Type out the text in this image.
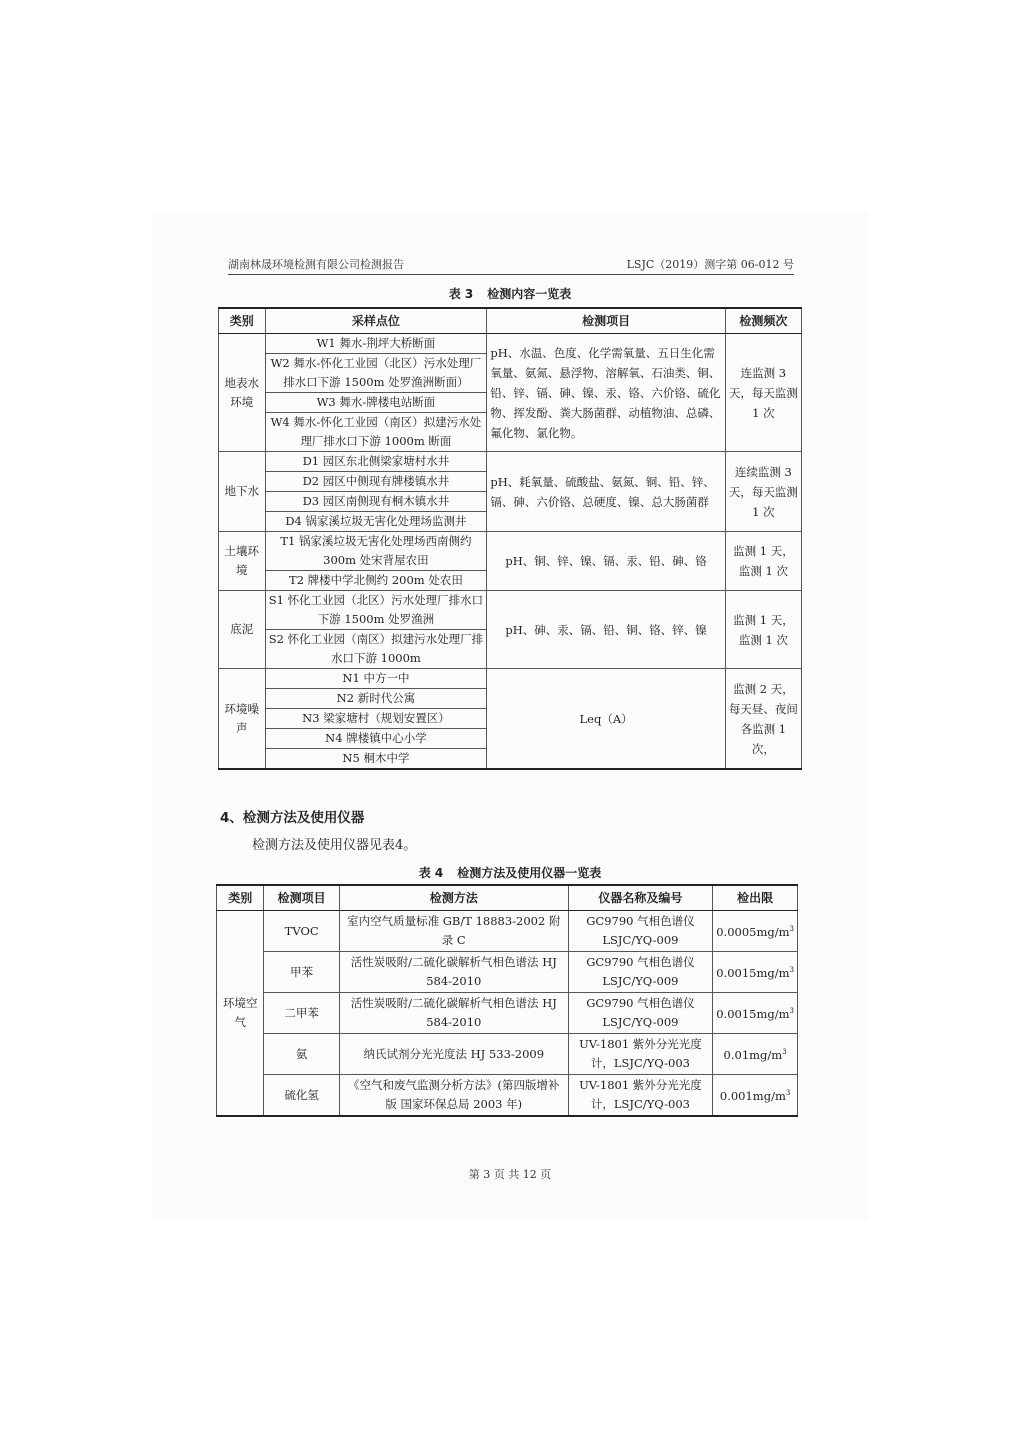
湖南林晟环境检测有限公司检测报告	LSJC（2019）测字第 06-012 号
表 3 检测内容一览表
类别	采样点位	检测项目	检测频次
地表水环境	W1 舞水-荆坪大桥断面	pH、水温、色度、化学需氧量、五日生化需氧量、氨氮、悬浮物、溶解氧、石油类、铜、铅、锌、镉、砷、镍、汞、铬、六价铬、硫化物、挥发酚、粪大肠菌群、动植物油、总磷、氟化物、氯化物。	连监测 3 天，每天监测 1 次
	W2 舞水-怀化工业园（北区）污水处理厂排水口下游 1500m 处罗渔洲断面）		
	W3 舞水-牌楼电站断面		
	W4 舞水-怀化工业园（南区）拟建污水处理厂排水口下游 1000m 断面		
地下水	D1 园区东北侧梁家塘村水井	pH、耗氧量、硫酸盐、氨氮、铜、铅、锌、镉、砷、六价铬、总硬度、镍、总大肠菌群	连续监测 3 天，每天监测 1 次
	D2 园区中侧现有牌楼镇水井		
	D3 园区南侧现有桐木镇水井		
	D4 锅家溪垃圾无害化处理场监测井		
土壤环境	T1 锅家溪垃圾无害化处理场西南侧约 300m 处宋背屋农田	pH、铜、锌、镍、镉、汞、铅、砷、铬	监测 1 天，监测 1 次
	T2 牌楼中学北侧约 200m 处农田		
底泥	S1 怀化工业园（北区）污水处理厂排水口下游 1500m 处罗渔洲	pH、砷、汞、镉、铅、铜、铬、锌、镍	监测 1 天，监测 1 次
	S2 怀化工业园（南区）拟建污水处理厂排水口下游 1000m		
环境噪声	N1 中方一中	Leq（A）	监测 2 天，每天昼、夜间各监测 1 次，
	N2 新时代公寓		
	N3 梁家塘村（规划安置区）		
	N4 牌楼镇中心小学		
	N5 桐木中学		
4、检测方法及使用仪器
检测方法及使用仪器见表4。
表 4 检测方法及使用仪器一览表
类别	检测项目	检测方法	仪器名称及编号	检出限
环境空气	TVOC	室内空气质量标准 GB/T 18883-2002 附录 C	GC9790 气相色谱仪 LSJC/YQ-009	$0.0005mg/m^3$
	甲苯	活性炭吸附/二硫化碳解析气相色谱法 HJ 584-2010	GC9790 气相色谱仪 LSJC/YQ-009	$0.0015mg/m^3$
	二甲苯	活性炭吸附/二硫化碳解析气相色谱法 HJ 584-2010	GC9790 气相色谱仪 LSJC/YQ-009	$0.0015mg/m^3$
	氨	纳氏试剂分光光度法 HJ 533-2009	UV-1801 紫外分光光度计，LSJC/YQ-003	$0.01mg/m^3$
	硫化氢	《空气和废气监测分析方法》(第四版增补版 国家环保总局 2003 年)	UV-1801 紫外分光光度计，LSJC/YQ-003	$0.001mg/m^3$
第 3 页 共 12 页
